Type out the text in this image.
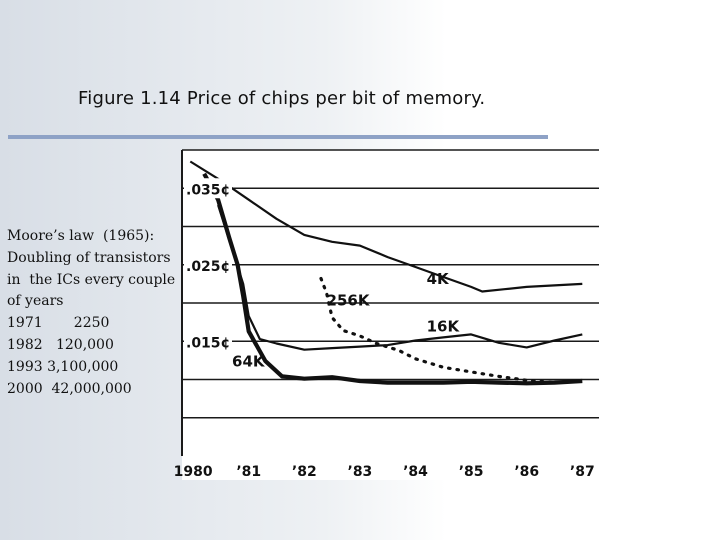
Figure 1.14 Price of chips per bit of memory.
Moore’s law  (1965):
Doubling of transistors
in  the ICs every couple
of years
1971       2250
1982   120,000
1993 3,100,000
2000  42,000,000
.035¢
.025¢
.015¢
1980 ’81 ’82 ’83 ’84 ’85 ’86 ’87
4K
256K
16K
64K
